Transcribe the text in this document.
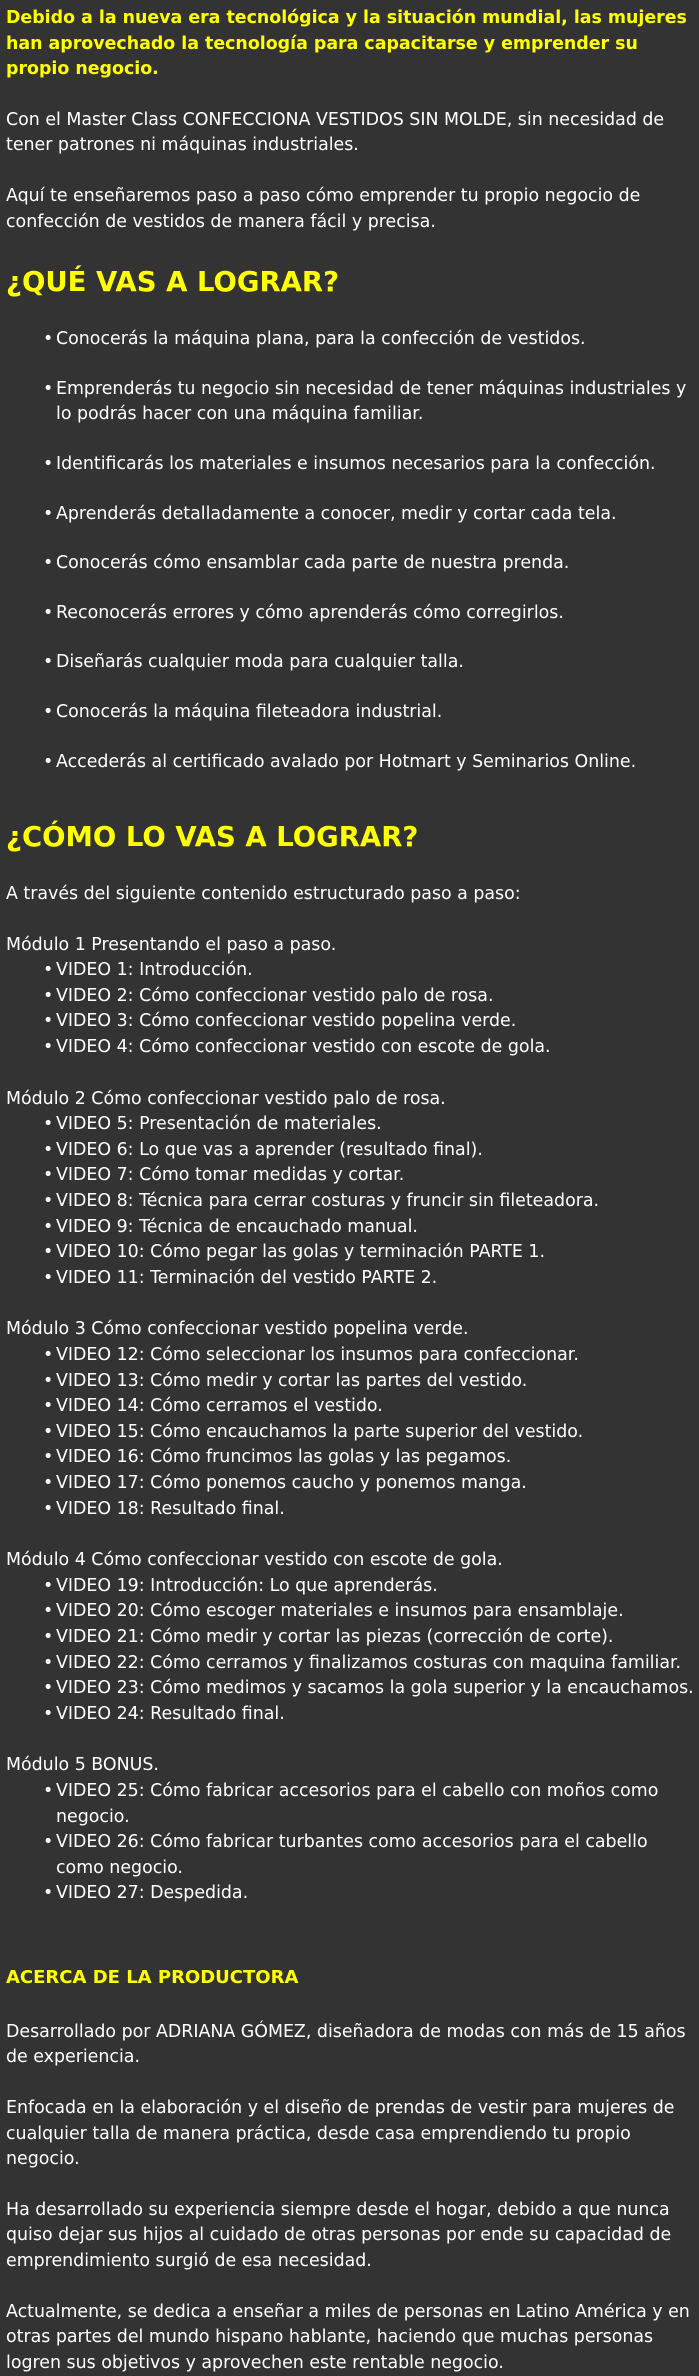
Debido a la nueva era tecnológica y la situación mundial, las mujeres han aprovechado la tecnología para capacitarse y emprender su propio negocio.

Con el Master Class CONFECCIONA VESTIDOS SIN MOLDE, sin necesidad de tener patrones ni máquinas industriales.

Aquí te enseñaremos paso a paso cómo emprender tu propio negocio de confección de vestidos de manera fácil y precisa.

¿QUÉ VAS A LOGRAR?
• Conocerás la máquina plana, para la confección de vestidos.
• Emprenderás tu negocio sin necesidad de tener máquinas industriales y lo podrás hacer con una máquina familiar.
• Identificarás los materiales e insumos necesarios para la confección.
• Aprenderás detalladamente a conocer, medir y cortar cada tela.
• Conocerás cómo ensamblar cada parte de nuestra prenda.
• Reconocerás errores y cómo aprenderás cómo corregirlos.
• Diseñarás cualquier moda para cualquier talla.
• Conocerás la máquina fileteadora industrial.
• Accederás al certificado avalado por Hotmart y Seminarios Online.
¿CÓMO LO VAS A LOGRAR?

A través del siguiente contenido estructurado paso a paso:

Módulo 1 Presentando el paso a paso.
• VIDEO 1: Introducción.
• VIDEO 2: Cómo confeccionar vestido palo de rosa.
• VIDEO 3: Cómo confeccionar vestido popelina verde.
• VIDEO 4: Cómo confeccionar vestido con escote de gola.
Módulo 2 Cómo confeccionar vestido palo de rosa.
• VIDEO 5: Presentación de materiales.
• VIDEO 6: Lo que vas a aprender (resultado final).
• VIDEO 7: Cómo tomar medidas y cortar.
• VIDEO 8: Técnica para cerrar costuras y fruncir sin fileteadora.
• VIDEO 9: Técnica de encauchado manual.
• VIDEO 10: Cómo pegar las golas y terminación PARTE 1.
• VIDEO 11: Terminación del vestido PARTE 2.
Módulo 3 Cómo confeccionar vestido popelina verde.
• VIDEO 12: Cómo seleccionar los insumos para confeccionar.
• VIDEO 13: Cómo medir y cortar las partes del vestido.
• VIDEO 14: Cómo cerramos el vestido.
• VIDEO 15: Cómo encauchamos la parte superior del vestido.
• VIDEO 16: Cómo fruncimos las golas y las pegamos.
• VIDEO 17: Cómo ponemos caucho y ponemos manga.
• VIDEO 18: Resultado final.
Módulo 4 Cómo confeccionar vestido con escote de gola.
• VIDEO 19: Introducción: Lo que aprenderás.
• VIDEO 20: Cómo escoger materiales e insumos para ensamblaje.
• VIDEO 21: Cómo medir y cortar las piezas (corrección de corte).
• VIDEO 22: Cómo cerramos y finalizamos costuras con maquina familiar.
• VIDEO 23: Cómo medimos y sacamos la gola superior y la encauchamos.
• VIDEO 24: Resultado final.
Módulo 5 BONUS.
• VIDEO 25: Cómo fabricar accesorios para el cabello con moños como negocio.
• VIDEO 26: Cómo fabricar turbantes como accesorios para el cabello como negocio.
• VIDEO 27: Despedida.
ACERCA DE LA PRODUCTORA

Desarrollado por ADRIANA GÓMEZ, diseñadora de modas con más de 15 años de experiencia.

Enfocada en la elaboración y el diseño de prendas de vestir para mujeres de cualquier talla de manera práctica, desde casa emprendiendo tu propio negocio.

Ha desarrollado su experiencia siempre desde el hogar, debido a que nunca quiso dejar sus hijos al cuidado de otras personas por ende su capacidad de emprendimiento surgió de esa necesidad.

Actualmente, se dedica a enseñar a miles de personas en Latino América y en otras partes del mundo hispano hablante, haciendo que muchas personas logren sus objetivos y aprovechen este rentable negocio.
